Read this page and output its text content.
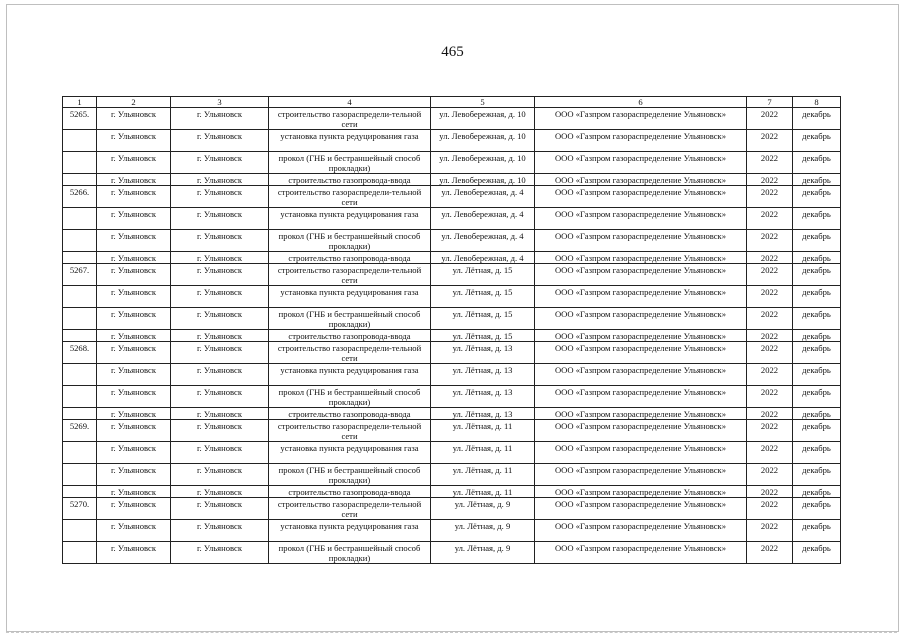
465
1	2	3	4	5	6	7	8
5265.	г. Ульяновск	г. Ульяновск	строительство газораспредели-тельной сети	ул. Левобережная, д. 10	ООО «Газпром газораспределение Ульяновск»	2022	декабрь
	г. Ульяновск	г. Ульяновск	установка пункта редуцирования газа	ул. Левобережная, д. 10	ООО «Газпром газораспределение Ульяновск»	2022	декабрь
	г. Ульяновск	г. Ульяновск	прокол (ГНБ и бестраншейный способ прокладки)	ул. Левобережная, д. 10	ООО «Газпром газораспределение Ульяновск»	2022	декабрь
	г. Ульяновск	г. Ульяновск	строительство газопровода-ввода	ул. Левобережная, д. 10	ООО «Газпром газораспределение Ульяновск»	2022	декабрь
5266.	г. Ульяновск	г. Ульяновск	строительство газораспредели-тельной сети	ул. Левобережная, д. 4	ООО «Газпром газораспределение Ульяновск»	2022	декабрь
	г. Ульяновск	г. Ульяновск	установка пункта редуцирования газа	ул. Левобережная, д. 4	ООО «Газпром газораспределение Ульяновск»	2022	декабрь
	г. Ульяновск	г. Ульяновск	прокол (ГНБ и бестраншейный способ прокладки)	ул. Левобережная, д. 4	ООО «Газпром газораспределение Ульяновск»	2022	декабрь
	г. Ульяновск	г. Ульяновск	строительство газопровода-ввода	ул. Левобережная, д. 4	ООО «Газпром газораспределение Ульяновск»	2022	декабрь
5267.	г. Ульяновск	г. Ульяновск	строительство газораспредели-тельной сети	ул. Лётная, д. 15	ООО «Газпром газораспределение Ульяновск»	2022	декабрь
	г. Ульяновск	г. Ульяновск	установка пункта редуцирования газа	ул. Лётная, д. 15	ООО «Газпром газораспределение Ульяновск»	2022	декабрь
	г. Ульяновск	г. Ульяновск	прокол (ГНБ и бестраншейный способ прокладки)	ул. Лётная, д. 15	ООО «Газпром газораспределение Ульяновск»	2022	декабрь
	г. Ульяновск	г. Ульяновск	строительство газопровода-ввода	ул. Лётная, д. 15	ООО «Газпром газораспределение Ульяновск»	2022	декабрь
5268.	г. Ульяновск	г. Ульяновск	строительство газораспредели-тельной сети	ул. Лётная, д. 13	ООО «Газпром газораспределение Ульяновск»	2022	декабрь
	г. Ульяновск	г. Ульяновск	установка пункта редуцирования газа	ул. Лётная, д. 13	ООО «Газпром газораспределение Ульяновск»	2022	декабрь
	г. Ульяновск	г. Ульяновск	прокол (ГНБ и бестраншейный способ прокладки)	ул. Лётная, д. 13	ООО «Газпром газораспределение Ульяновск»	2022	декабрь
	г. Ульяновск	г. Ульяновск	строительство газопровода-ввода	ул. Лётная, д. 13	ООО «Газпром газораспределение Ульяновск»	2022	декабрь
5269.	г. Ульяновск	г. Ульяновск	строительство газораспредели-тельной сети	ул. Лётная, д. 11	ООО «Газпром газораспределение Ульяновск»	2022	декабрь
	г. Ульяновск	г. Ульяновск	установка пункта редуцирования газа	ул. Лётная, д. 11	ООО «Газпром газораспределение Ульяновск»	2022	декабрь
	г. Ульяновск	г. Ульяновск	прокол (ГНБ и бестраншейный способ прокладки)	ул. Лётная, д. 11	ООО «Газпром газораспределение Ульяновск»	2022	декабрь
	г. Ульяновск	г. Ульяновск	строительство газопровода-ввода	ул. Лётная, д. 11	ООО «Газпром газораспределение Ульяновск»	2022	декабрь
5270.	г. Ульяновск	г. Ульяновск	строительство газораспредели-тельной сети	ул. Лётная, д. 9	ООО «Газпром газораспределение Ульяновск»	2022	декабрь
	г. Ульяновск	г. Ульяновск	установка пункта редуцирования газа	ул. Лётная, д. 9	ООО «Газпром газораспределение Ульяновск»	2022	декабрь
	г. Ульяновск	г. Ульяновск	прокол (ГНБ и бестраншейный способ прокладки)	ул. Лётная, д. 9	ООО «Газпром газораспределение Ульяновск»	2022	декабрь
